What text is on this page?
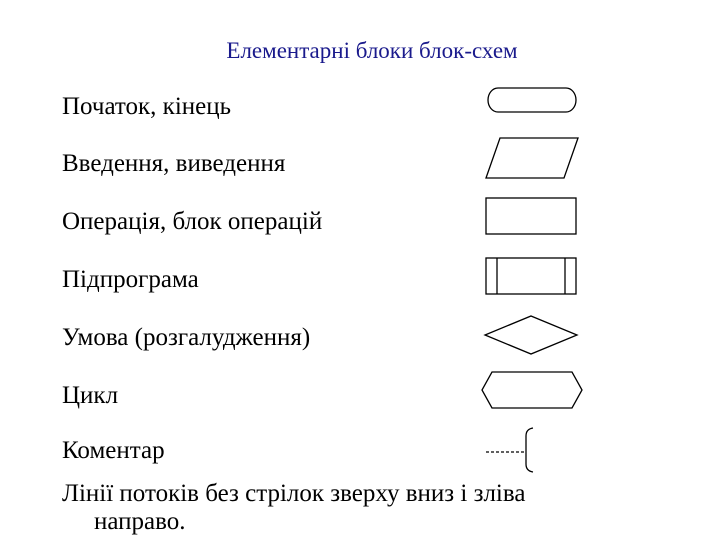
Елементарні блоки блок-схем
Початок, кінець
Введення, виведення
Операція, блок операцій
Підпрограма
Умова (розгалудження)
Цикл
Коментар
Лінії потоків без стрілок зверху вниз і зліва
направо.
